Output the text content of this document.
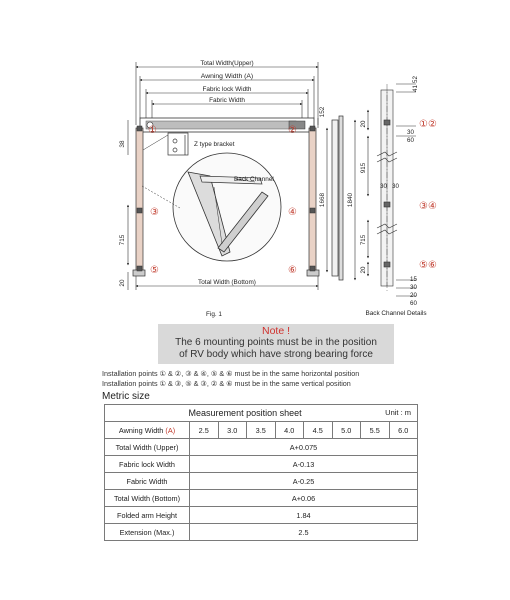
Total Width(Upper)
Awning Width (A)
Fabric lock Width
Fabric Width
Total Width (Bottom)
152
38
715
20
1668	1840
Z type bracket
Back Channel
Fig. 1
①	②
③	④
⑤	⑥
52
41
30
60
30 30
20
915
715
20
15
30
20
60
①②
③④
⑤⑥
Back Channel Details
Note !
The 6 mounting points must be in the position
of RV body which have strong bearing force
Installation points ① & ②, ③ & ④, ⑤ & ⑥ must be in the same horizontal position
Installation points ① & ③, ⑤ & ③, ② & ⑥ must be in the same vertical position
Metric size
Measurement position sheet Unit : m								

Awning Width (A)	2.5	3.0	3.5	4.0	4.5	5.0	5.5	6.0
Total Width (Upper)	A+0.075							
Fabric lock Width	A-0.13							
Fabric Width	A-0.25							
Total Width (Bottom)	A+0.06							
Folded arm Height	1.84							
Extension (Max.)	2.5							
